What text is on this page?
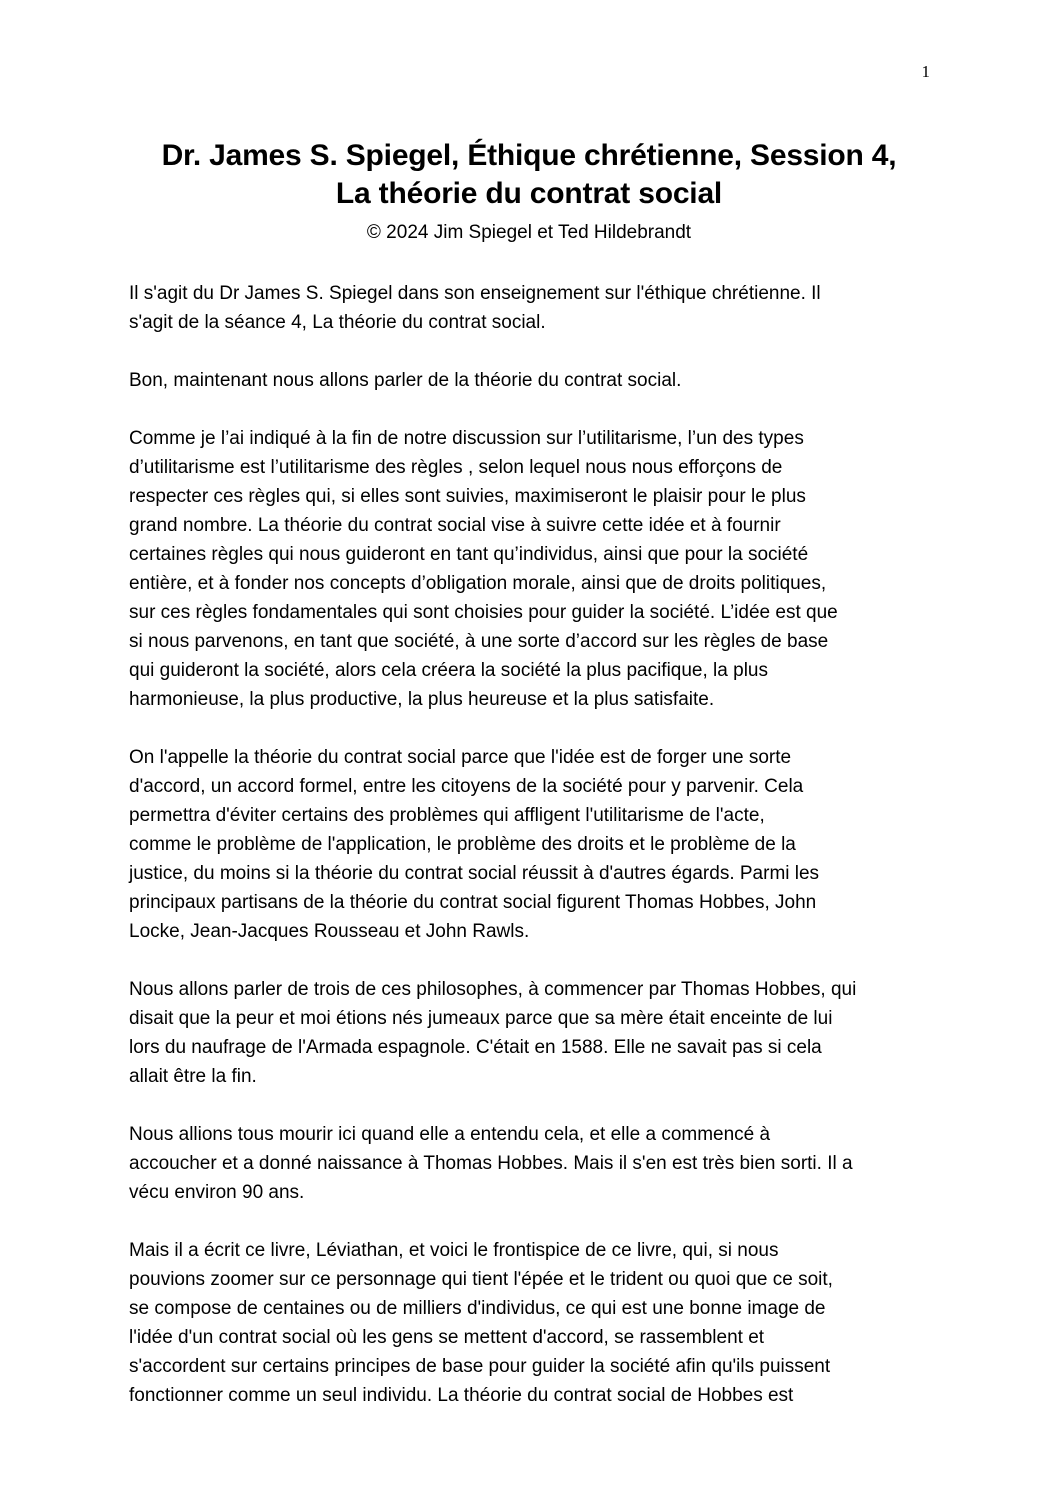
1
Dr. James S. Spiegel, Éthique chrétienne, Session 4,
La théorie du contrat social
© 2024 Jim Spiegel et Ted Hildebrandt

Il s'agit du Dr James S. Spiegel dans son enseignement sur l'éthique chrétienne. Il
s'agit de la séance 4, La théorie du contrat social.

Bon, maintenant nous allons parler de la théorie du contrat social.

Comme je l’ai indiqué à la fin de notre discussion sur l’utilitarisme, l’un des types
d’utilitarisme est l’utilitarisme des règles , selon lequel nous nous efforçons de
respecter ces règles qui, si elles sont suivies, maximiseront le plaisir pour le plus
grand nombre. La théorie du contrat social vise à suivre cette idée et à fournir
certaines règles qui nous guideront en tant qu’individus, ainsi que pour la société
entière, et à fonder nos concepts d’obligation morale, ainsi que de droits politiques,
sur ces règles fondamentales qui sont choisies pour guider la société. L’idée est que
si nous parvenons, en tant que société, à une sorte d’accord sur les règles de base
qui guideront la société, alors cela créera la société la plus pacifique, la plus
harmonieuse, la plus productive, la plus heureuse et la plus satisfaite.

On l'appelle la théorie du contrat social parce que l'idée est de forger une sorte
d'accord, un accord formel, entre les citoyens de la société pour y parvenir. Cela
permettra d'éviter certains des problèmes qui affligent l'utilitarisme de l'acte,
comme le problème de l'application, le problème des droits et le problème de la
justice, du moins si la théorie du contrat social réussit à d'autres égards. Parmi les
principaux partisans de la théorie du contrat social figurent Thomas Hobbes, John
Locke, Jean-Jacques Rousseau et John Rawls.

Nous allons parler de trois de ces philosophes, à commencer par Thomas Hobbes, qui
disait que la peur et moi étions nés jumeaux parce que sa mère était enceinte de lui
lors du naufrage de l'Armada espagnole. C'était en 1588. Elle ne savait pas si cela
allait être la fin.

Nous allions tous mourir ici quand elle a entendu cela, et elle a commencé à
accoucher et a donné naissance à Thomas Hobbes. Mais il s'en est très bien sorti. Il a
vécu environ 90 ans.

Mais il a écrit ce livre, Léviathan, et voici le frontispice de ce livre, qui, si nous
pouvions zoomer sur ce personnage qui tient l'épée et le trident ou quoi que ce soit,
se compose de centaines ou de milliers d'individus, ce qui est une bonne image de
l'idée d'un contrat social où les gens se mettent d'accord, se rassemblent et
s'accordent sur certains principes de base pour guider la société afin qu'ils puissent
fonctionner comme un seul individu. La théorie du contrat social de Hobbes est
